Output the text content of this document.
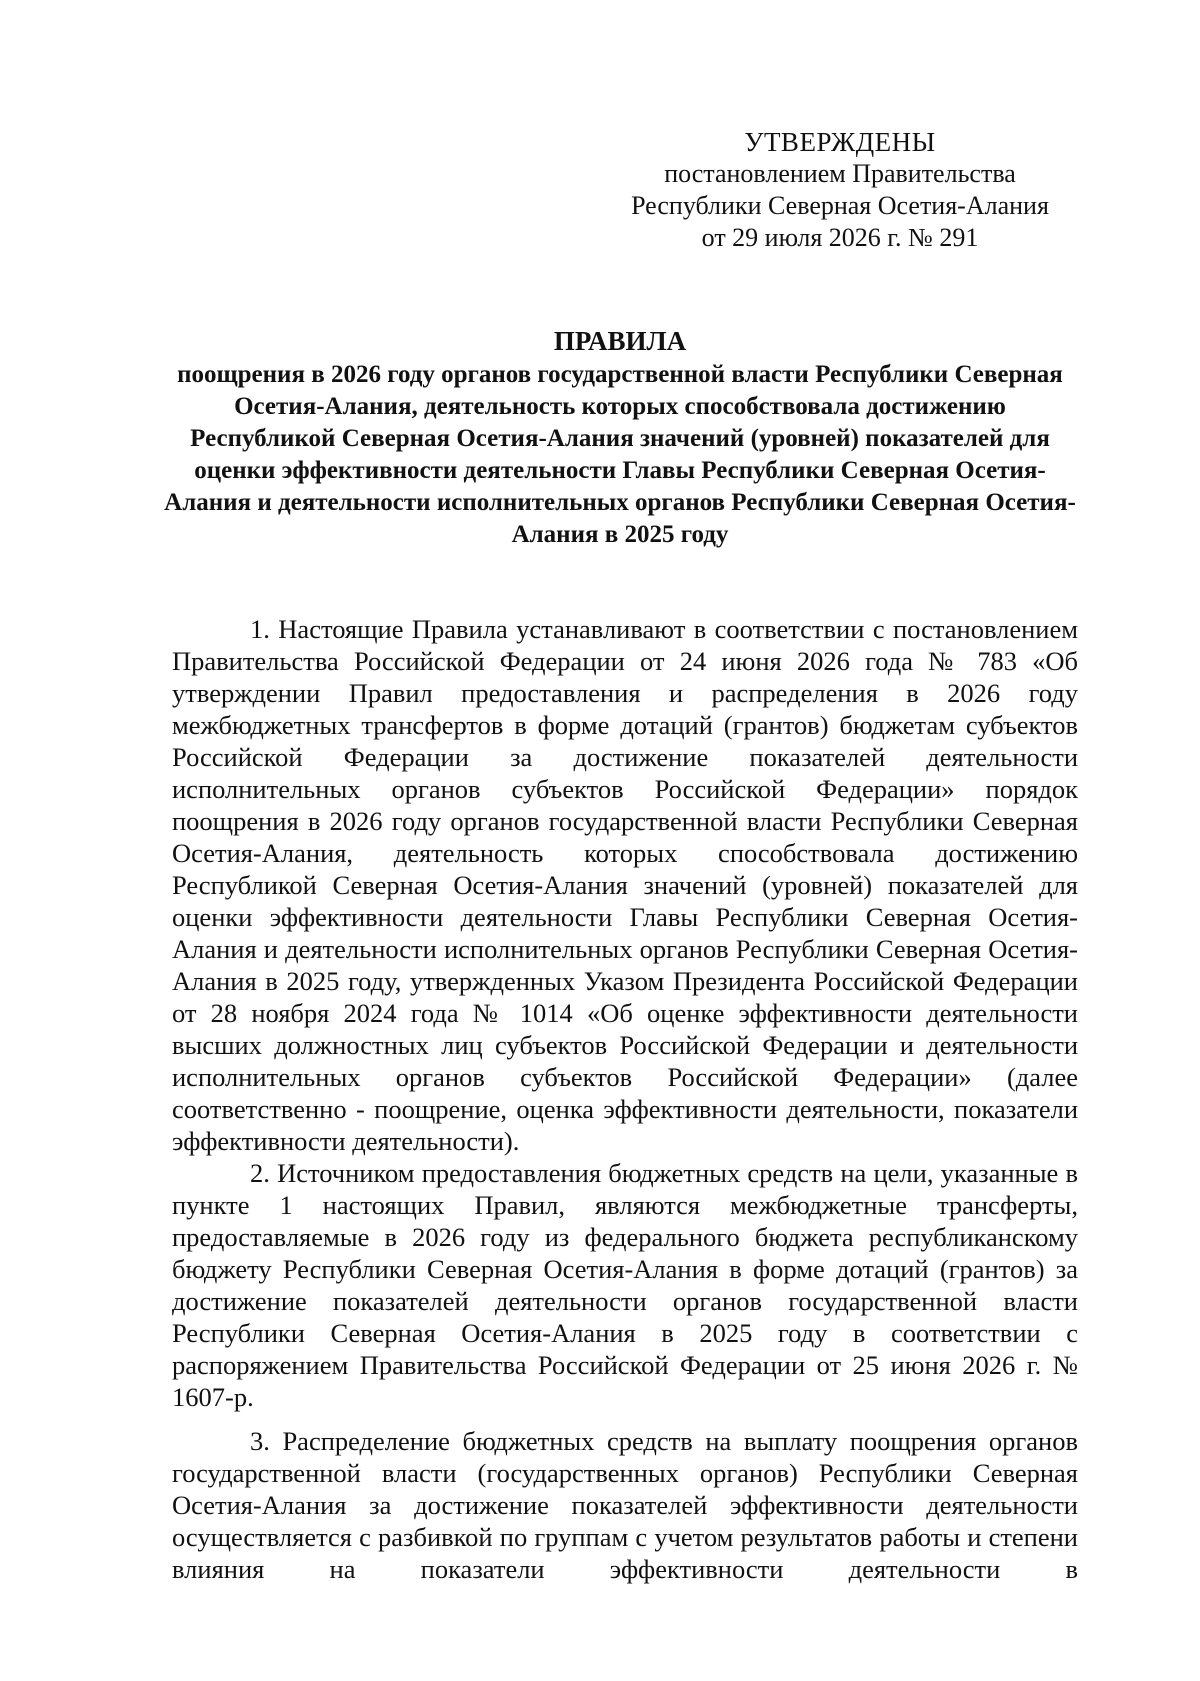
УТВЕРЖДЕНЫ
постановлением Правительства
Республики Северная Осетия-Алания
от 29 июля 2026 г. № 291
ПРАВИЛА
поощрения в 2026 году органов государственной власти Республики Северная Осетия-Алания, деятельность которых способствовала достижению Республикой Северная Осетия-Алания значений (уровней) показателей для оценки эффективности деятельности Главы Республики Северная Осетия-Алания и деятельности исполнительных органов Республики Северная Осетия-Алания в 2025 году

1. Настоящие Правила устанавливают в соответствии с постановлением Правительства Российской Федерации от 24 июня 2026 года № 783 «Об утверждении Правил предоставления и распределения в 2026 году межбюджетных трансфертов в форме дотаций (грантов) бюджетам субъектов Российской Федерации за достижение показателей деятельности исполнительных органов субъектов Российской Федерации» порядок поощрения в 2026 году органов государственной власти Республики Северная Осетия-Алания, деятельность которых способствовала достижению Республикой Северная Осетия-Алания значений (уровней) показателей для оценки эффективности деятельности Главы Республики Северная Осетия-Алания и деятельности исполнительных органов Республики Северная Осетия-Алания в 2025 году, утвержденных Указом Президента Российской Федерации от 28 ноября 2024 года № 1014 «Об оценке эффективности деятельности высших должностных лиц субъектов Российской Федерации и деятельности исполнительных органов субъектов Российской Федерации» (далее соответственно - поощрение, оценка эффективности деятельности, показатели эффективности деятельности).

2. Источником предоставления бюджетных средств на цели, указанные в пункте 1 настоящих Правил, являются межбюджетные трансферты, предоставляемые в 2026 году из федерального бюджета республиканскому бюджету Республики Северная Осетия-Алания в форме дотаций (грантов) за достижение показателей деятельности органов государственной власти Республики Северная Осетия-Алания в 2025 году в соответствии с распоряжением Правительства Российской Федерации от 25 июня 2026 г. № 1607-р.

3. Распределение бюджетных средств на выплату поощрения органов государственной власти (государственных органов) Республики Северная Осетия-Алания за достижение показателей эффективности деятельности осуществляется с разбивкой по группам с учетом результатов работы и степени влияния на показатели эффективности деятельности в
